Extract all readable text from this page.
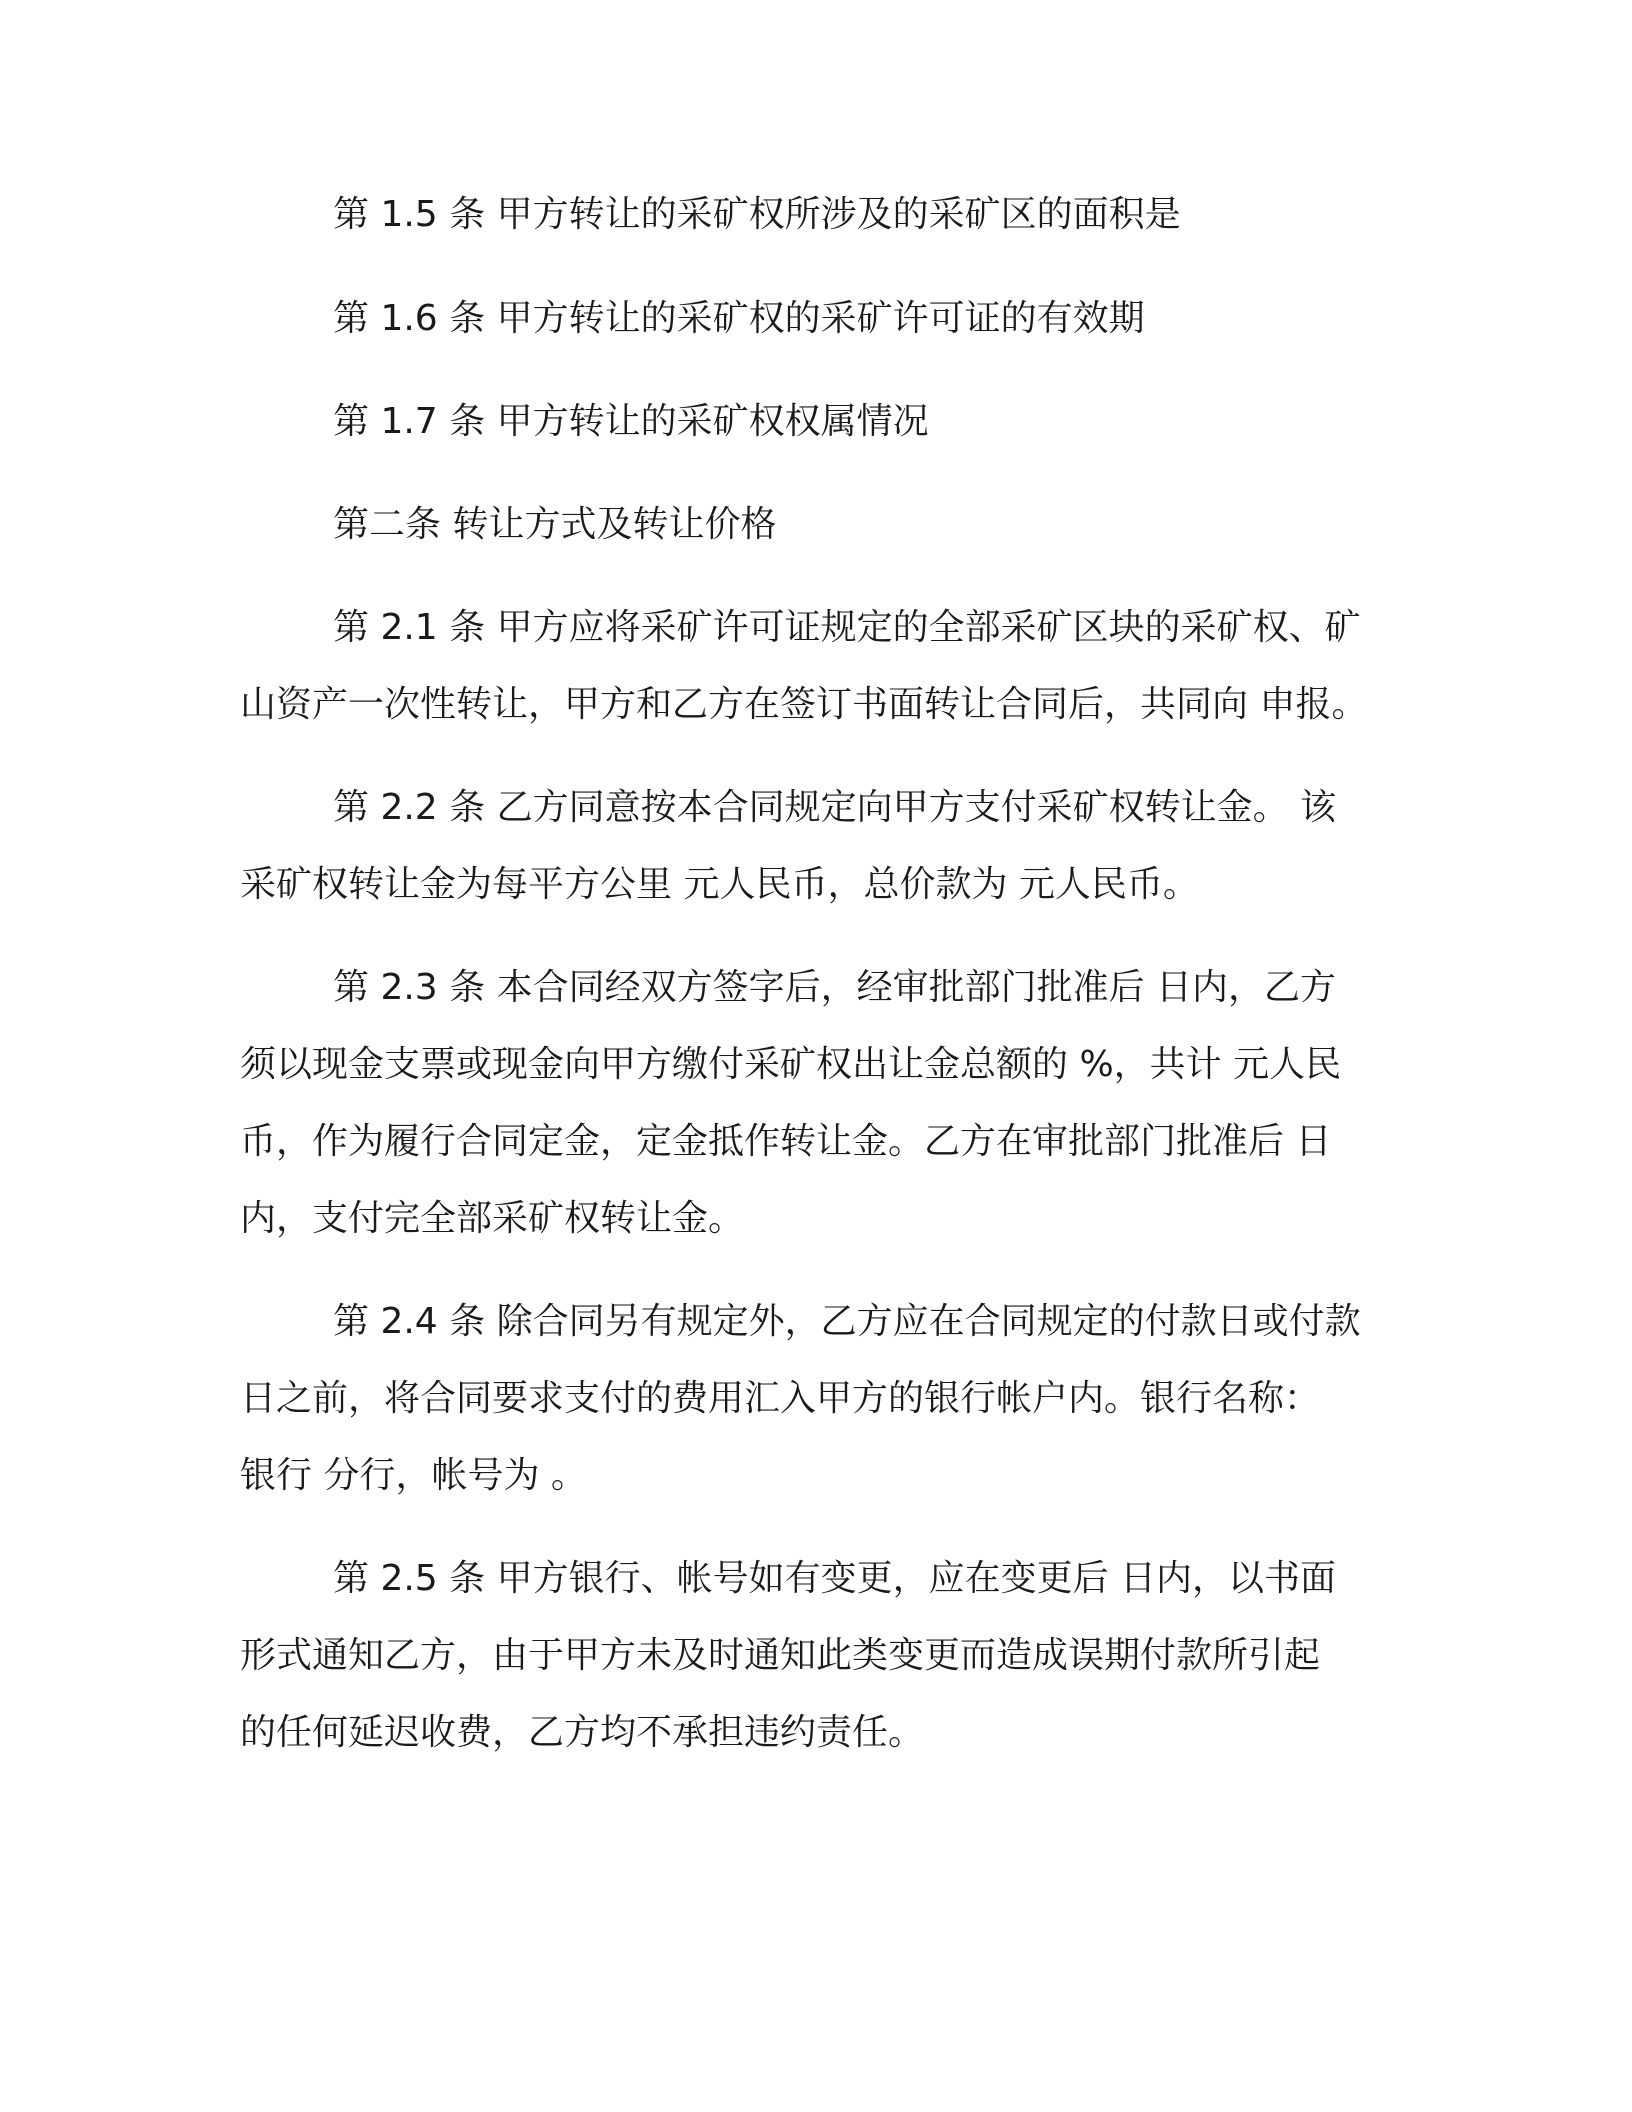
第 1.5 条 甲方转让的采矿权所涉及的采矿区的面积是
第 1.6 条 甲方转让的采矿权的采矿许可证的有效期
第 1.7 条 甲方转让的采矿权权属情况
第二条 转让方式及转让价格
第 2.1 条 甲方应将采矿许可证规定的全部采矿区块的采矿权、矿
山资产一次性转让，甲方和乙方在签订书面转让合同后，共同向 申报。
第 2.2 条 乙方同意按本合同规定向甲方支付采矿权转让金。 该
采矿权转让金为每平方公里 元人民币，总价款为 元人民币。
第 2.3 条 本合同经双方签字后，经审批部门批准后 日内，乙方
须以现金支票或现金向甲方缴付采矿权出让金总额的 %，共计 元人民
币，作为履行合同定金，定金抵作转让金。乙方在审批部门批准后 日
内，支付完全部采矿权转让金。
第 2.4 条 除合同另有规定外，乙方应在合同规定的付款日或付款
日之前，将合同要求支付的费用汇入甲方的银行帐户内。银行名称：
银行 分行，帐号为 。
第 2.5 条 甲方银行、帐号如有变更，应在变更后 日内，以书面
形式通知乙方，由于甲方未及时通知此类变更而造成误期付款所引起
的任何延迟收费，乙方均不承担违约责任。
